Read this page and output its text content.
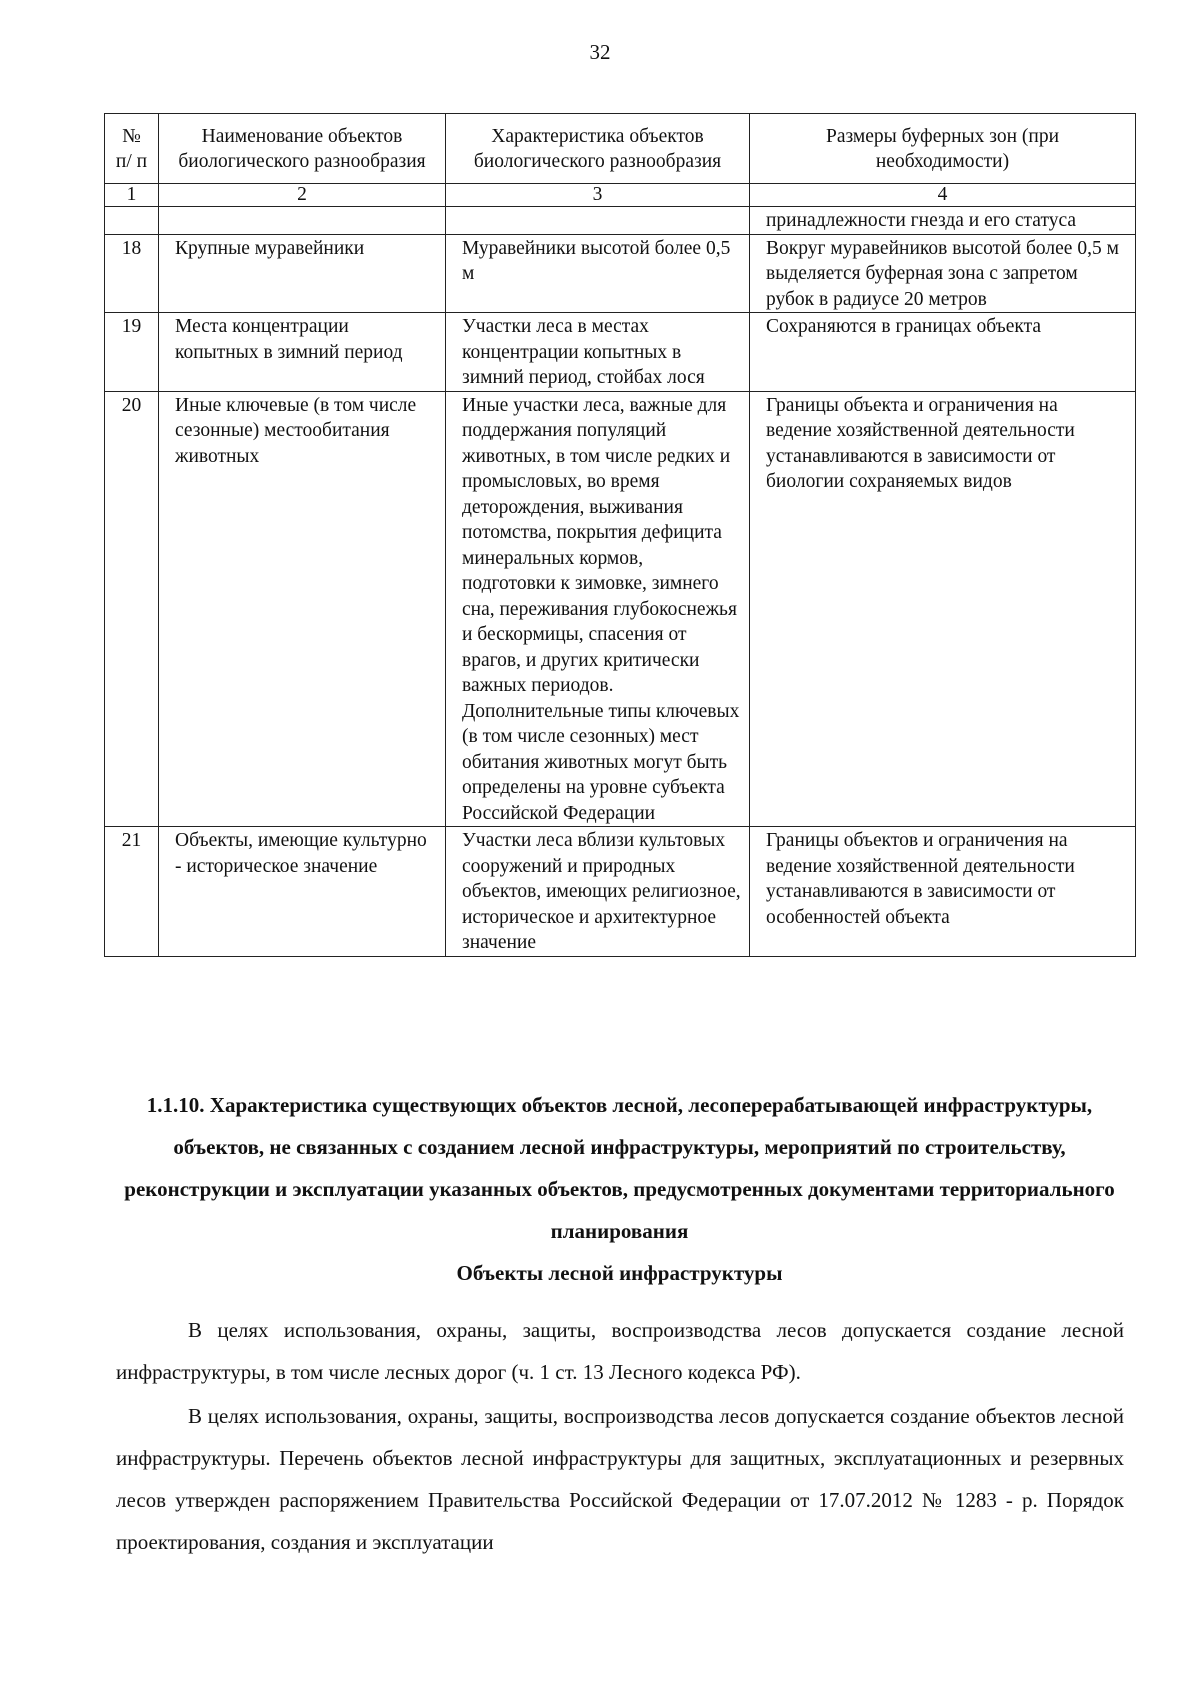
32
№ п/ п	Наименование объектов биологического разнообразия	Характеристика объектов биологического разнообразия	Размеры буферных зон (при необходимости)
1	2	3	4
			принадлежности гнезда и его статуса
18	Крупные муравейники	Муравейники высотой более 0,5 м	Вокруг муравейников высотой более 0,5 м выделяется буферная зона с запретом рубок в радиусе 20 метров
19	Места концентрации копытных в зимний период	Участки леса в местах концентрации копытных в зимний период, стойбах лося	Сохраняются в границах объекта
20	Иные ключевые (в том числе сезонные) местообитания животных	Иные участки леса, важные для поддержания популяций животных, в том числе редких и промысловых, во время деторождения, выживания потомства, покрытия дефицита минеральных кормов, подготовки к зимовке, зимнего сна, переживания глубокоснежья и бескормицы, спасения от врагов, и других критически важных периодов. Дополнительные типы ключевых (в том числе сезонных) мест обитания животных могут быть определены на уровне субъекта Российской Федерации	Границы объекта и ограничения на ведение хозяйственной деятельности устанавливаются в зависимости от биологии сохраняемых видов
21	Объекты, имеющие культурно - историческое значение	Участки леса вблизи культовых сооружений и природных объектов, имеющих религиозное, историческое и архитектурное значение	Границы объектов и ограничения на ведение хозяйственной деятельности устанавливаются в зависимости от особенностей объекта
1.1.10. Характеристика существующих объектов лесной, лесоперерабатывающей инфраструктуры, объектов, не связанных с созданием лесной инфраструктуры, мероприятий по строительству, реконструкции и эксплуатации указанных объектов, предусмотренных документами территориального планирования
Объекты лесной инфраструктуры

В целях использования, охраны, защиты, воспроизводства лесов допускается создание лесной инфраструктуры, в том числе лесных дорог (ч. 1 ст. 13 Лесного кодекса РФ).

В целях использования, охраны, защиты, воспроизводства лесов допускается создание объектов лесной инфраструктуры. Перечень объектов лесной инфраструктуры для защитных, эксплуатационных и резервных лесов утвержден распоряжением Правительства Российской Федерации от 17.07.2012 № 1283 - р. Порядок проектирования, создания и эксплуатации
